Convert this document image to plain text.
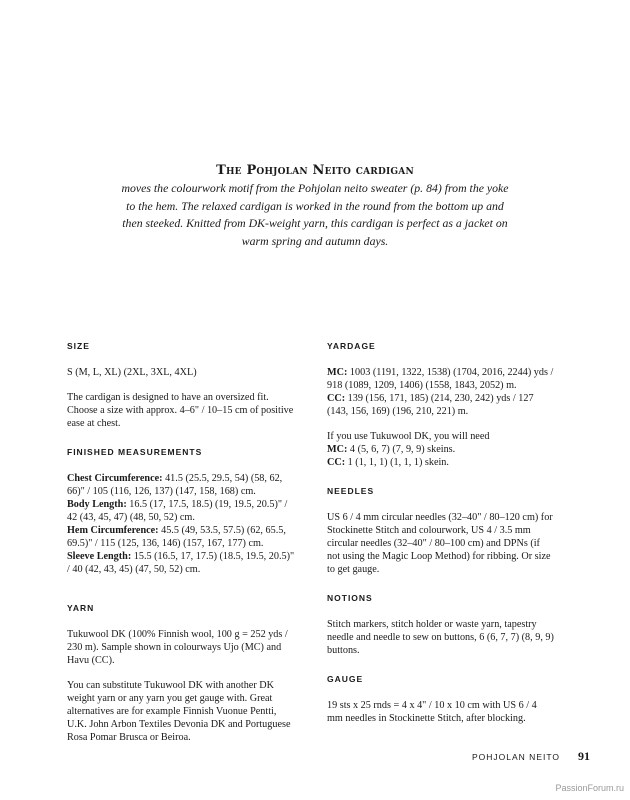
The Pohjolan Neito cardigan
moves the colourwork motif from the Pohjolan neito sweater (p. 84) from the yoke to the hem. The relaxed cardigan is worked in the round from the bottom up and then steeked. Knitted from DK-weight yarn, this cardigan is perfect as a jacket on warm spring and autumn days.
SIZE
S (M, L, XL) (2XL, 3XL, 4XL)
The cardigan is designed to have an oversized fit. Choose a size with approx. 4–6" / 10–15 cm of positive ease at chest.
FINISHED MEASUREMENTS
Chest Circumference: 41.5 (25.5, 29.5, 54) (58, 62, 66)" / 105 (116, 126, 137) (147, 158, 168) cm.
Body Length: 16.5 (17, 17.5, 18.5) (19, 19.5, 20.5)" / 42 (43, 45, 47) (48, 50, 52) cm.
Hem Circumference: 45.5 (49, 53.5, 57.5) (62, 65.5, 69.5)" / 115 (125, 136, 146) (157, 167, 177) cm.
Sleeve Length: 15.5 (16.5, 17, 17.5) (18.5, 19.5, 20.5)" / 40 (42, 43, 45) (47, 50, 52) cm.
YARN
Tukuwool DK (100% Finnish wool, 100 g = 252 yds / 230 m). Sample shown in colourways Ujo (MC) and Havu (CC).
You can substitute Tukuwool DK with another DK weight yarn or any yarn you get gauge with. Great alternatives are for example Finnish Vuonue Pentti, U.K. John Arbon Textiles Devonia DK and Portuguese Rosa Pomar Brusca or Beiroa.
YARDAGE
MC: 1003 (1191, 1322, 1538) (1704, 2016, 2244) yds / 918 (1089, 1209, 1406) (1558, 1843, 2052) m.
CC: 139 (156, 171, 185) (214, 230, 242) yds / 127 (143, 156, 169) (196, 210, 221) m.
If you use Tukuwool DK, you will need
MC: 4 (5, 6, 7) (7, 9, 9) skeins.
CC: 1 (1, 1, 1) (1, 1, 1) skein.
NEEDLES
US 6 / 4 mm circular needles (32–40" / 80–120 cm) for Stockinette Stitch and colourwork, US 4 / 3.5 mm circular needles (32–40" / 80–100 cm) and DPNs (if not using the Magic Loop Method) for ribbing. Or size to get gauge.
NOTIONS
Stitch markers, stitch holder or waste yarn, tapestry needle and needle to sew on buttons, 6 (6, 7, 7) (8, 9, 9) buttons.
GAUGE
19 sts x 25 rnds = 4 x 4" / 10 x 10 cm with US 6 / 4 mm needles in Stockinette Stitch, after blocking.
POHJOLAN NEITO 91
PassionForum.ru
